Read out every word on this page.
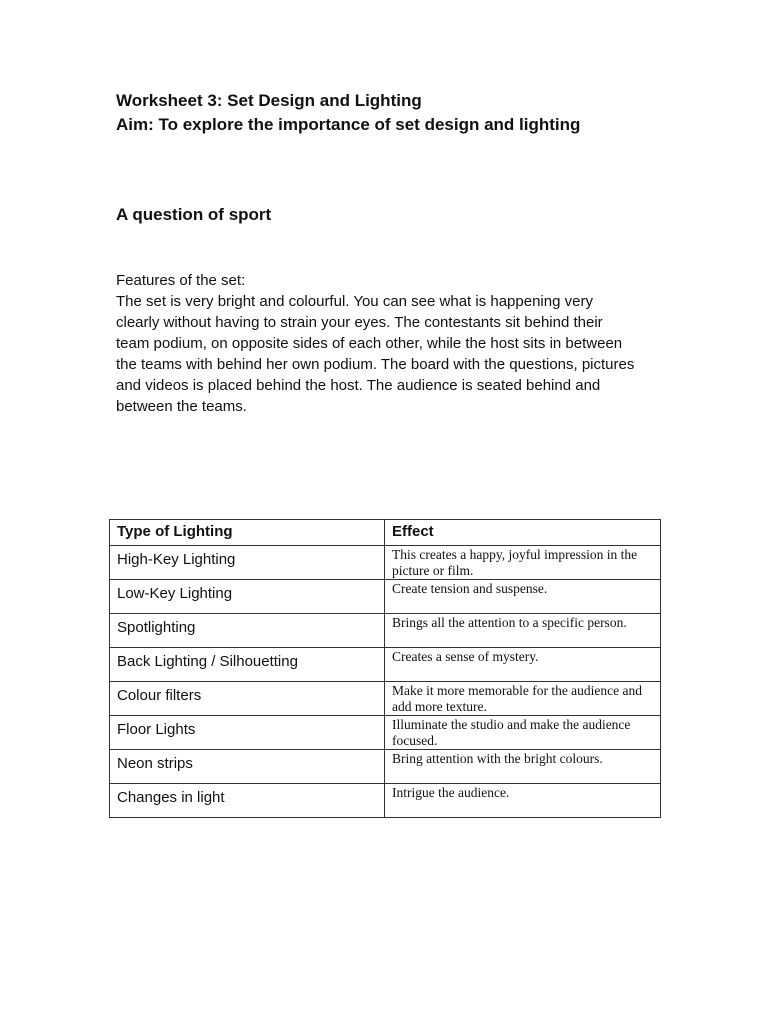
Worksheet 3: Set Design and Lighting
Aim: To explore the importance of set design and lighting
A question of sport

Features of the set:

The set is very bright and colourful. You can see what is happening very
clearly without having to strain your eyes. The contestants sit behind their
team podium, on opposite sides of each other, while the host sits in between
the teams with behind her own podium. The board with the questions, pictures
and videos is placed behind the host. The audience is seated behind and
between the teams.

Type of Lighting	Effect
High-Key Lighting	This creates a happy, joyful impression in the picture or film.
Low-Key Lighting	Create tension and suspense.
Spotlighting	Brings all the attention to a specific person.
Back Lighting / Silhouetting	Creates a sense of mystery.
Colour filters	Make it more memorable for the audience and add more texture.
Floor Lights	Illuminate the studio and make the audience focused.
Neon strips	Bring attention with the bright colours.
Changes in light	Intrigue the audience.
